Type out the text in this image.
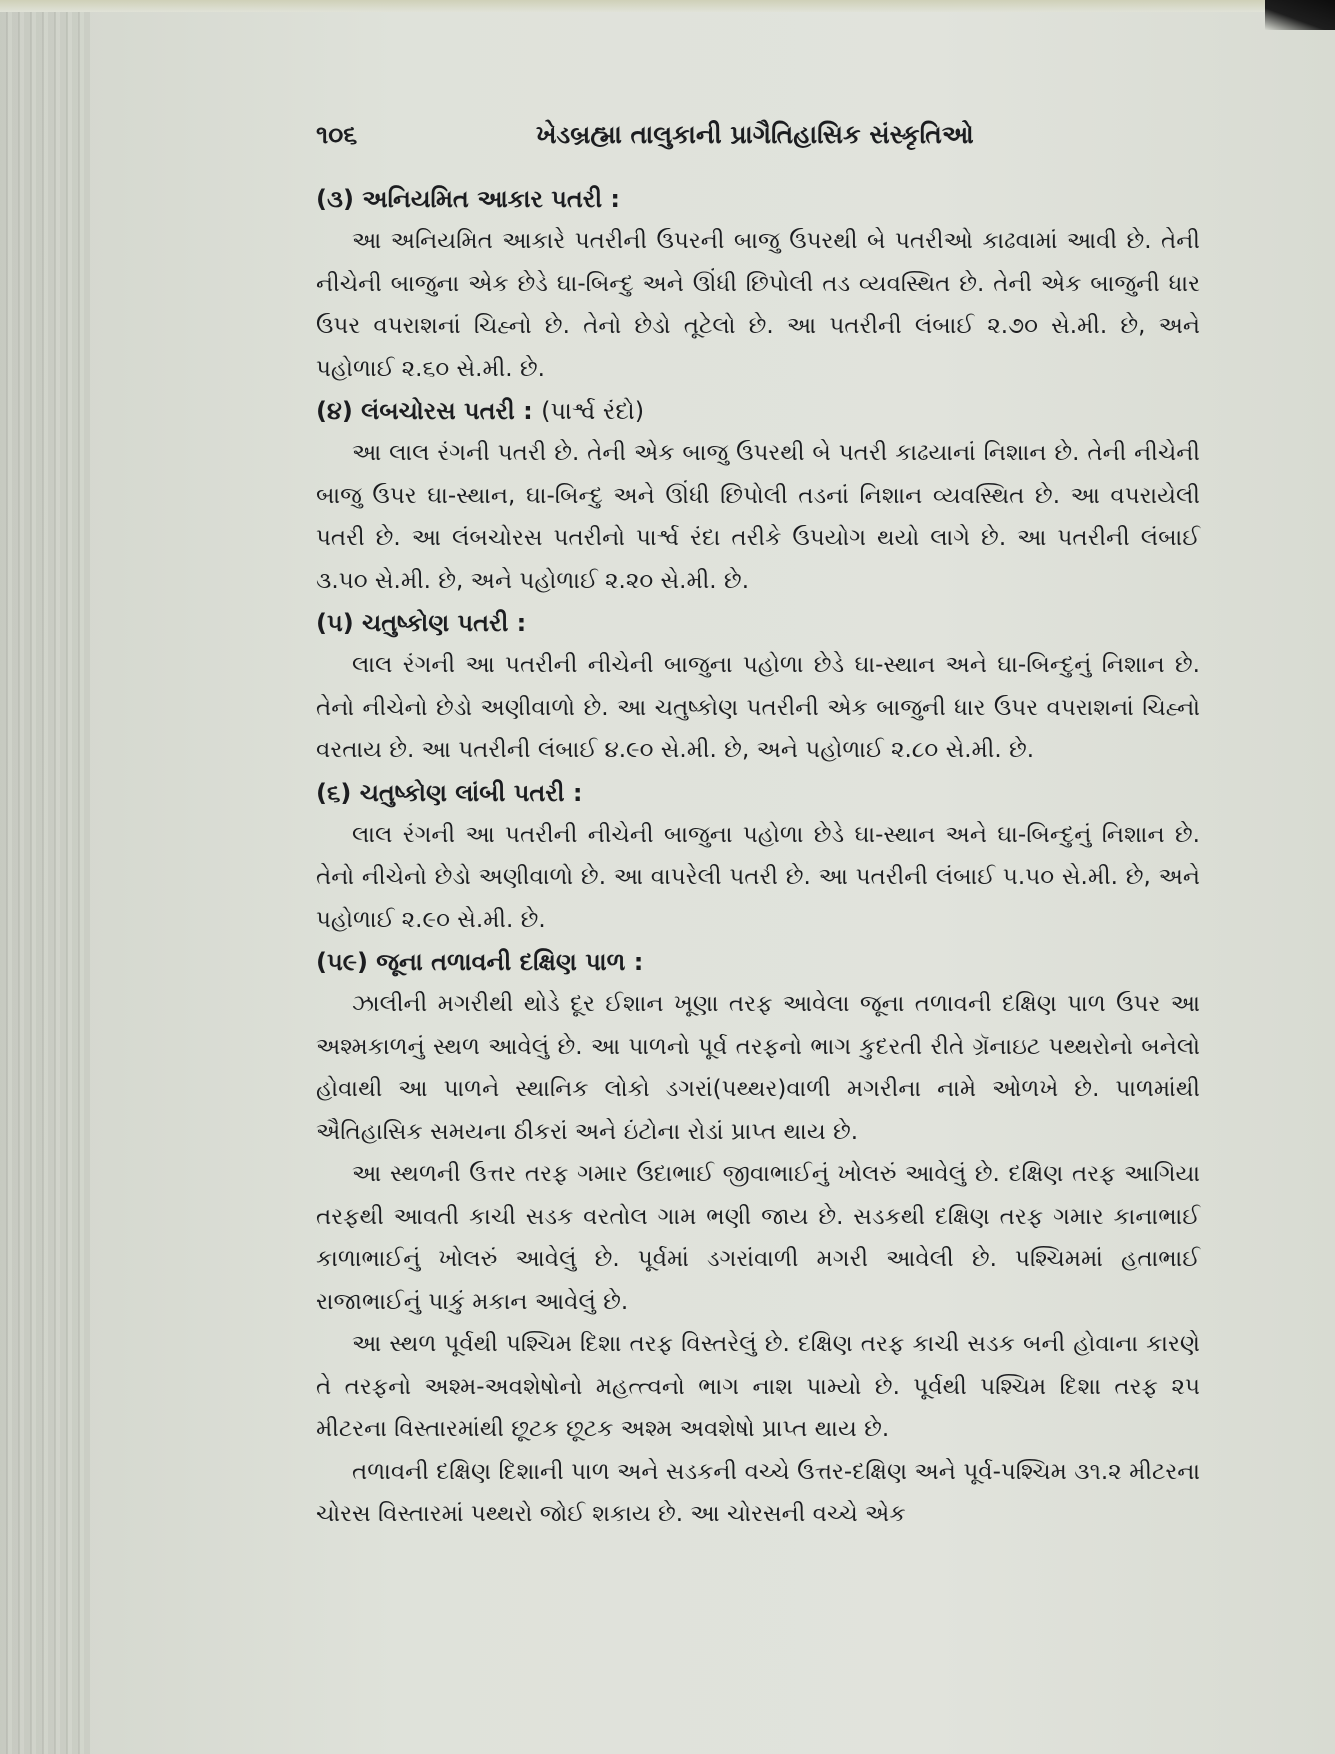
૧૦૬	ખેડબ્રહ્મા તાલુકાની પ્રાગૈતિહાસિક સંસ્કૃતિઓ

(૩) અનિયમિત આકાર પતરી :

આ અનિયમિત આકારે પતરીની ઉપરની બાજુ ઉપરથી બે પતરીઓ કાઢવામાં આવી છે. તેની નીચેની બાજુના એક છેડે ઘા-બિન્દુ અને ઊંધી છિપોલી તડ વ્યવસ્થિત છે. તેની એક બાજુની ધાર ઉપર વપરાશનાં ચિહ્નો છે. તેનો છેડો તૂટેલો છે. આ પતરીની લંબાઈ ૨.૭૦ સે.મી. છે, અને પહોળાઈ ૨.૬૦ સે.મી. છે.

(૪) લંબચોરસ પતરી : (પાર્શ્વ રંદો)

આ લાલ રંગની પતરી છે. તેની એક બાજુ ઉપરથી બે પતરી કાઢયાનાં નિશાન છે. તેની નીચેની બાજુ ઉપર ઘા-સ્થાન, ઘા-બિન્દુ અને ઊંધી છિપોલી તડનાં નિશાન વ્યવસ્થિત છે. આ વપરાયેલી પતરી છે. આ લંબચોરસ પતરીનો પાર્શ્વ રંદા તરીકે ઉપયોગ થયો લાગે છે. આ પતરીની લંબાઈ ૩.૫૦ સે.મી. છે, અને પહોળાઈ ૨.૨૦ સે.મી. છે.

(૫) ચતુષ્કોણ પતરી :

લાલ રંગની આ પતરીની નીચેની બાજુના પહોળા છેડે ઘા-સ્થાન અને ઘા-બિન્દુનું નિશાન છે. તેનો નીચેનો છેડો અણીવાળો છે. આ ચતુષ્કોણ પતરીની એક બાજુની ધાર ઉપર વપરાશનાં ચિહ્નો વરતાય છે. આ પતરીની લંબાઈ ૪.૯૦ સે.મી. છે, અને પહોળાઈ ૨.૮૦ સે.મી. છે.

(૬) ચતુષ્કોણ લાંબી પતરી :

લાલ રંગની આ પતરીની નીચેની બાજુના પહોળા છેડે ઘા-સ્થાન અને ઘા-બિન્દુનું નિશાન છે. તેનો નીચેનો છેડો અણીવાળો છે. આ વાપરેલી પતરી છે. આ પતરીની લંબાઈ ૫.૫૦ સે.મી. છે, અને પહોળાઈ ૨.૯૦ સે.મી. છે.

(૫૯) જૂના તળાવની દક્ષિણ પાળ :

ઝાલીની મગરીથી થોડે દૂર ઈશાન ખૂણા તરફ આવેલા જૂના તળાવની દક્ષિણ પાળ ઉપર આ અશ્મકાળનું સ્થળ આવેલું છે. આ પાળનો પૂર્વ તરફનો ભાગ કુદરતી રીતે ગ્રૅનાઇટ પથ્થરોનો બનેલો હોવાથી આ પાળને સ્થાનિક લોકો ડગરાં(પથ્થર)વાળી મગરીના નામે ઓળખે છે. પાળમાંથી ઐતિહાસિક સમયના ઠીકરાં અને ઇંટોના રોડાં પ્રાપ્ત થાય છે.

આ સ્થળની ઉત્તર તરફ ગમાર ઉદાભાઈ જીવાભાઈનું ખોલરું આવેલું છે. દક્ષિણ તરફ આગિયા તરફથી આવતી કાચી સડક વરતોલ ગામ ભણી જાય છે. સડકથી દક્ષિણ તરફ ગમાર કાનાભાઈ કાળાભાઈનું ખોલરું આવેલું છે. પૂર્વમાં ડગરાંવાળી મગરી આવેલી છે. પશ્ચિમમાં હતાભાઈ રાજાભાઈનું પાકું મકાન આવેલું છે.

આ સ્થળ પૂર્વથી પશ્ચિમ દિશા તરફ વિસ્તરેલું છે. દક્ષિણ તરફ કાચી સડક બની હોવાના કારણે તે તરફનો અશ્મ-અવશેષોનો મહત્ત્વનો ભાગ નાશ પામ્યો છે. પૂર્વથી પશ્ચિમ દિશા તરફ ૨૫ મીટરના વિસ્તારમાંથી છૂટક છૂટક અશ્મ અવશેષો પ્રાપ્ત થાય છે.

તળાવની દક્ષિણ દિશાની પાળ અને સડકની વચ્ચે ઉત્તર-દક્ષિણ અને પૂર્વ-પશ્ચિમ ૩૧.૨ મીટરના ચોરસ વિસ્તારમાં પથ્થરો જોઈ શકાય છે. આ ચોરસની વચ્ચે એક
